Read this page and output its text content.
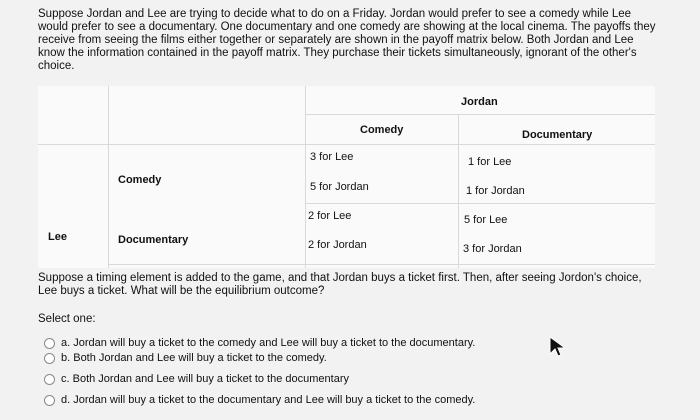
Suppose Jordan and Lee are trying to decide what to do on a Friday. Jordan would prefer to see a comedy while Lee would prefer to see a documentary. One documentary and one comedy are showing at the local cinema. The payoffs they receive from seeing the films either together or separately are shown in the payoff matrix below. Both Jordan and Lee know the information contained in the payoff matrix. They purchase their tickets simultaneously, ignorant of the other's choice.
Jordan
Comedy	Documentary
Lee
Comedy
Documentary
3 for Lee
5 for Jordan
1 for Lee
1 for Jordan
2 for Lee
2 for Jordan
5 for Lee
3 for Jordan
Suppose a timing element is added to the game, and that Jordan buys a ticket first. Then, after seeing Jordon's choice, Lee buys a ticket. What will be the equilibrium outcome?
Select one:
a. Jordan will buy a ticket to the comedy and Lee will buy a ticket to the documentary.
b. Both Jordan and Lee will buy a ticket to the comedy.
c. Both Jordan and Lee will buy a ticket to the documentary
d. Jordan will buy a ticket to the documentary and Lee will buy a ticket to the comedy.
